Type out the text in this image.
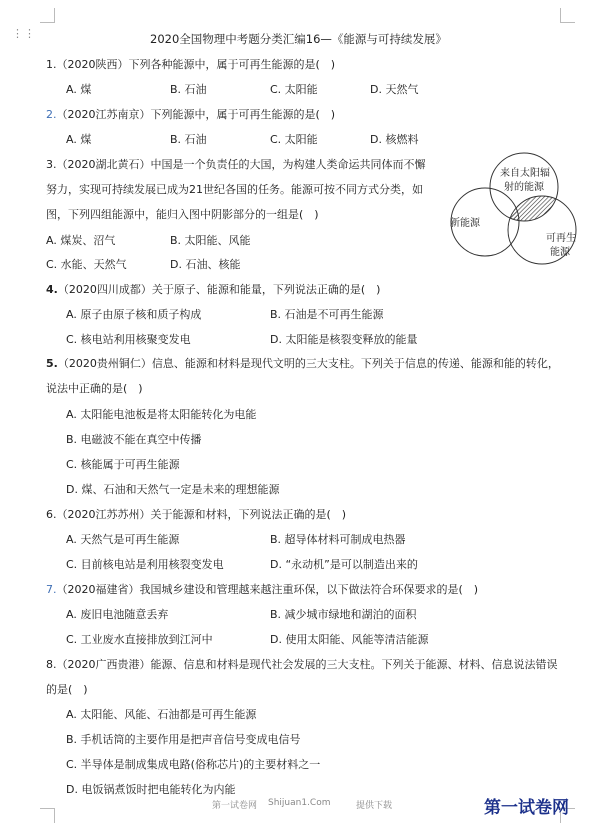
⋮⋮	2020全国物理中考题分类汇编16—《能源与可持续发展》
1.（2020陕西）下列各种能源中，属于可再生能源的是(　)
A. 煤	B. 石油	C. 太阳能	D. 天然气
2.（2020江苏南京）下列能源中，属于可再生能源的是(　)
A. 煤	B. 石油	C. 太阳能	D. 核燃料
3.（2020湖北黄石）中国是一个负责任的大国，为构建人类命运共同体而不懈
努力，实现可持续发展已成为21世纪各国的任务。能源可按不同方式分类，如
图，下列四组能源中，能归入图中阴影部分的一组是(　)
A. 煤炭、沼气	B. 太阳能、风能
C. 水能、天然气	D. 石油、核能
来自太阳辐
射的能源
新能源
可再生
能源
4.（2020四川成都）关于原子、能源和能量，下列说法正确的是(　)
A. 原子由原子核和质子构成	B. 石油是不可再生能源
C. 核电站利用核聚变发电	D. 太阳能是核裂变释放的能量
5.（2020贵州铜仁）信息、能源和材料是现代文明的三大支柱。下列关于信息的传递、能源和能的转化，
说法中正确的是(　)
A. 太阳能电池板是将太阳能转化为电能
B. 电磁波不能在真空中传播
C. 核能属于可再生能源
D. 煤、石油和天然气一定是未来的理想能源
6.（2020江苏苏州）关于能源和材料，下列说法正确的是(　)
A. 天然气是可再生能源	B. 超导体材料可制成电热器
C. 目前核电站是利用核裂变发电	D. “永动机”是可以制造出来的
7.（2020福建省）我国城乡建设和管理越来越注重环保，以下做法符合环保要求的是(　)
A. 废旧电池随意丢弃	B. 减少城市绿地和湖泊的面积
C. 工业废水直接排放到江河中	D. 使用太阳能、风能等清洁能源
8.（2020广西贵港）能源、信息和材料是现代社会发展的三大支柱。下列关于能源、材料、信息说法错误
的是(　)
A. 太阳能、风能、石油都是可再生能源
B. 手机话筒的主要作用是把声音信号变成电信号
C. 半导体是制成集成电路(俗称芯片)的主要材料之一
D. 电饭锅煮饭时把电能转化为内能
第一试卷网 Shijuan1.Com	提供下载	第一试卷网
